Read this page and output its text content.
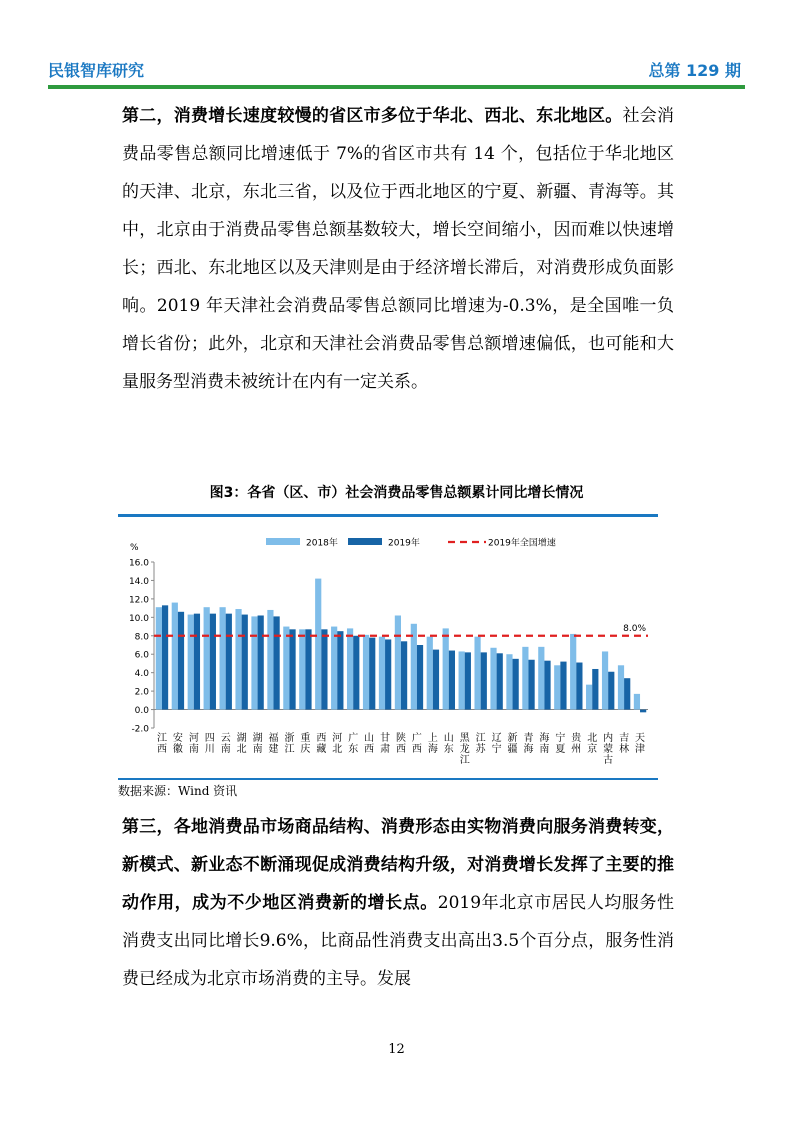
民银智库研究	总第 129 期
第二，消费增长速度较慢的省区市多位于华北、西北、东北地区。社会消费品零售总额同比增速低于 7%的省区市共有 14 个，包括位于华北地区的天津、北京，东北三省，以及位于西北地区的宁夏、新疆、青海等。其中，北京由于消费品零售总额基数较大，增长空间缩小，因而难以快速增长；西北、东北地区以及天津则是由于经济增长滞后，对消费形成负面影响。2019 年天津社会消费品零售总额同比增速为-0.3%，是全国唯一负增长省份；此外，北京和天津社会消费品零售总额增速偏低，也可能和大量服务型消费未被统计在内有一定关系。
图3：各省（区、市）社会消费品零售总额累计同比增长情况
16.0
14.0
12.0
10.0
8.0
6.0
4.0
2.0
0.0
-2.0
%
江
西
安
徽
河
南
四
川
云
南
湖
北
湖
南
福
建
浙
江
重
庆
西
藏
河
北
广
东
山
西
甘
肃
陕
西
广
西
上
海
山
东
黑
龙
江
江
苏
辽
宁
新
疆
青
海
海
南
宁
夏
贵
州
北
京
内
蒙
古
吉
林
天
津
8.0%
2018年	2019年	2019年全国增速
数据来源：Wind 资讯
第三，各地消费品市场商品结构、消费形态由实物消费向服务消费转变，新模式、新业态不断涌现促成消费结构升级，对消费增长发挥了主要的推动作用，成为不少地区消费新的增长点。2019年北京市居民人均服务性消费支出同比增长9.6%，比商品性消费支出高出3.5个百分点，服务性消费已经成为北京市场消费的主导。发展
12
